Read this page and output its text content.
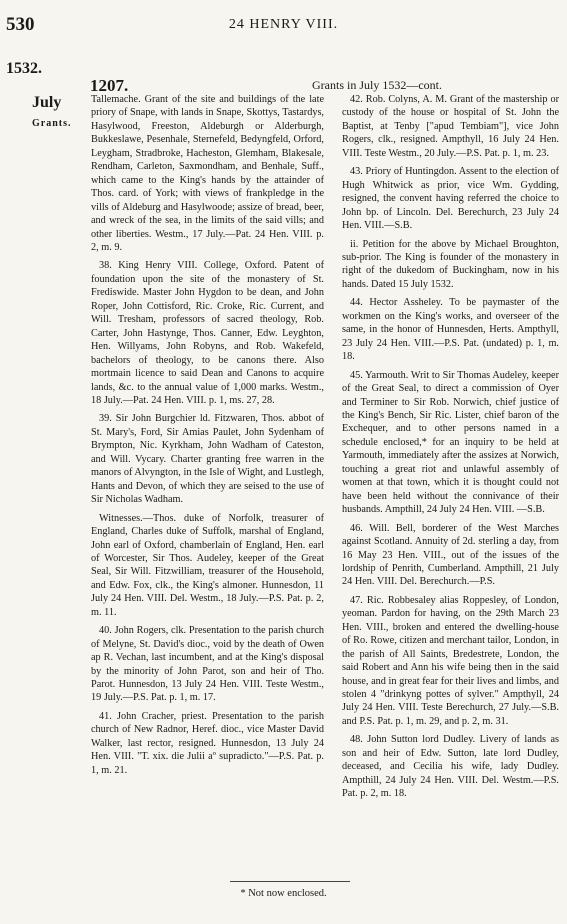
530	24 HENRY VIII.
1532.
1207.	Grants in July 1532—cont.
July
Grants.

Tallemache. Grant of the site and buildings of the late priory of Snape, with lands in Snape, Skottys, Tastardys, Hasylwood, Freeston, Aldeburgh or Alderburgh, Bukkeslawe, Pesenhale, Sternefeld, Bedyngfeld, Orford, Leygham, Stradbroke, Hacheston, Glemham, Blakesale, Rendham, Carleton, Saxmondham, and Benhale, Suff., which came to the King's hands by the attainder of Thos. card. of York; with views of frankpledge in the vills of Aldeburg and Hasylwoode; assize of bread, beer, and wreck of the sea, in the limits of the said vills; and other liberties. Westm., 17 July.—Pat. 24 Hen. VIII. p. 2, m. 9.

38. King Henry VIII. College, Oxford. Patent of foundation upon the site of the monastery of St. Frediswide. Master John Hygdon to be dean, and John Roper, John Cottisford, Ric. Croke, Ric. Current, and Will. Tresham, professors of sacred theology, Rob. Carter, John Hastynge, Thos. Canner, Edw. Leyghton, Hen. Willyams, John Robyns, and Rob. Wakefeld, bachelors of theology, to be canons there. Also mortmain licence to said Dean and Canons to acquire lands, &c. to the annual value of 1,000 marks. Westm., 18 July.—Pat. 24 Hen. VIII. p. 1, ms. 27, 28.

39. Sir John Burgchier ld. Fitzwaren, Thos. abbot of St. Mary's, Ford, Sir Amias Paulet, John Sydenham of Brympton, Nic. Kyrkham, John Wadham of Cateston, and Will. Vycary. Charter granting free warren in the manors of Alvyngton, in the Isle of Wight, and Lustlegh, Hants and Devon, of which they are seised to the use of Sir Nicholas Wadham.

Witnesses.—Thos. duke of Norfolk, treasurer of England, Charles duke of Suffolk, marshal of England, John earl of Oxford, chamberlain of England, Hen. earl of Worcester, Sir Thos. Audeley, keeper of the Great Seal, Sir Will. Fitzwilliam, treasurer of the Household, and Edw. Fox, clk., the King's almoner. Hunnesdon, 11 July 24 Hen. VIII. Del. Westm., 18 July.—P.S. Pat. p. 2, m. 11.

40. John Rogers, clk. Presentation to the parish church of Melyne, St. David's dioc., void by the death of Owen ap R. Vechan, last incumbent, and at the King's disposal by the minority of John Parot, son and heir of Tho. Parot. Hunnesdon, 13 July 24 Hen. VIII. Teste Westm., 19 July.—P.S. Pat. p. 1, m. 17.

41. John Cracher, priest. Presentation to the parish church of New Radnor, Heref. dioc., vice Master David Walker, last rector, resigned. Hunnesdon, 13 July 24 Hen. VIII. "T. xix. die Julii aº supradicto."—P.S. Pat. p. 1, m. 21.

42. Rob. Colyns, A. M. Grant of the mastership or custody of the house or hospital of St. John the Baptist, at Tenby ["apud Tembiam"], vice John Rogers, clk., resigned. Ampthyll, 16 July 24 Hen. VIII. Teste Westm., 20 July.—P.S. Pat. p. 1, m. 23.

43. Priory of Huntingdon. Assent to the election of Hugh Whitwick as prior, vice Wm. Gydding, resigned, the convent having referred the choice to John bp. of Lincoln. Del. Berechurch, 23 July 24 Hen. VIII.—S.B.

ii. Petition for the above by Michael Broughton, sub-prior. The King is founder of the monastery in right of the dukedom of Buckingham, now in his hands. Dated 15 July 1532.

44. Hector Assheley. To be paymaster of the workmen on the King's works, and overseer of the same, in the honor of Hunnesden, Herts. Ampthyll, 23 July 24 Hen. VIII.—P.S. Pat. (undated) p. 1, m. 18.

45. Yarmouth. Writ to Sir Thomas Audeley, keeper of the Great Seal, to direct a commission of Oyer and Terminer to Sir Rob. Norwich, chief justice of the King's Bench, Sir Ric. Lister, chief baron of the Exchequer, and to other persons named in a schedule enclosed,* for an inquiry to be held at Yarmouth, immediately after the assizes at Norwich, touching a great riot and unlawful assembly of women at that town, which it is thought could not have been held without the connivance of their husbands. Ampthill, 24 July 24 Hen. VIII. —S.B.

46. Will. Bell, borderer of the West Marches against Scotland. Annuity of 2d. sterling a day, from 16 May 23 Hen. VIII., out of the issues of the lordship of Penrith, Cumberland. Ampthill, 21 July 24 Hen. VIII. Del. Berechurch.—P.S.

47. Ric. Robbesaley alias Roppesley, of London, yeoman. Pardon for having, on the 29th March 23 Hen. VIII., broken and entered the dwelling-house of Ro. Rowe, citizen and merchant tailor, London, in the parish of All Saints, Bredestrete, London, the said Robert and Ann his wife being then in the said house, and in great fear for their lives and limbs, and stolen 4 "drinkyng pottes of sylver." Ampthyll, 24 July 24 Hen. VIII. Teste Berechurch, 27 July.—S.B. and P.S. Pat. p. 1, m. 29, and p. 2, m. 31.

48. John Sutton lord Dudley. Livery of lands as son and heir of Edw. Sutton, late lord Dudley, deceased, and Cecilia his wife, lady Dudley. Ampthill, 24 July 24 Hen. VIII. Del. Westm.—P.S. Pat. p. 2, m. 18.

* Not now enclosed.
